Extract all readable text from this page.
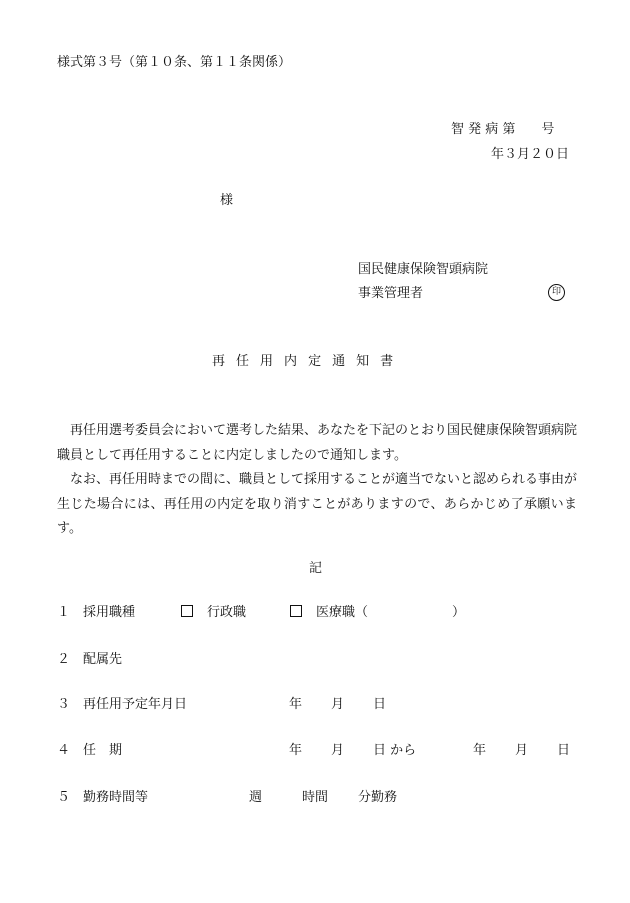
様式第３号（第１０条、第１１条関係）
智 発 病 第 号
年３月２０日
様
国民健康保険智頭病院
事業管理者	印
再 任 用 内 定 通 知 書

再任用選考委員会において選考した結果、あなたを下記のとおり国民健康保険智頭病院職員として再任用することに内定しましたので通知します。

なお、再任用時までの間に、職員として採用することが適当でないと認められる事由が生じた場合には、再任用の内定を取り消すことがありますので、あらかじめ了承願います。

記
１ 採用職種	行政職	医療職（	）
２ 配属先
３ 再任用予定年月日	年 月 日
４ 任　期	年 月 日 から	年 月 日
５ 勤務時間等	週	時間 分勤務
